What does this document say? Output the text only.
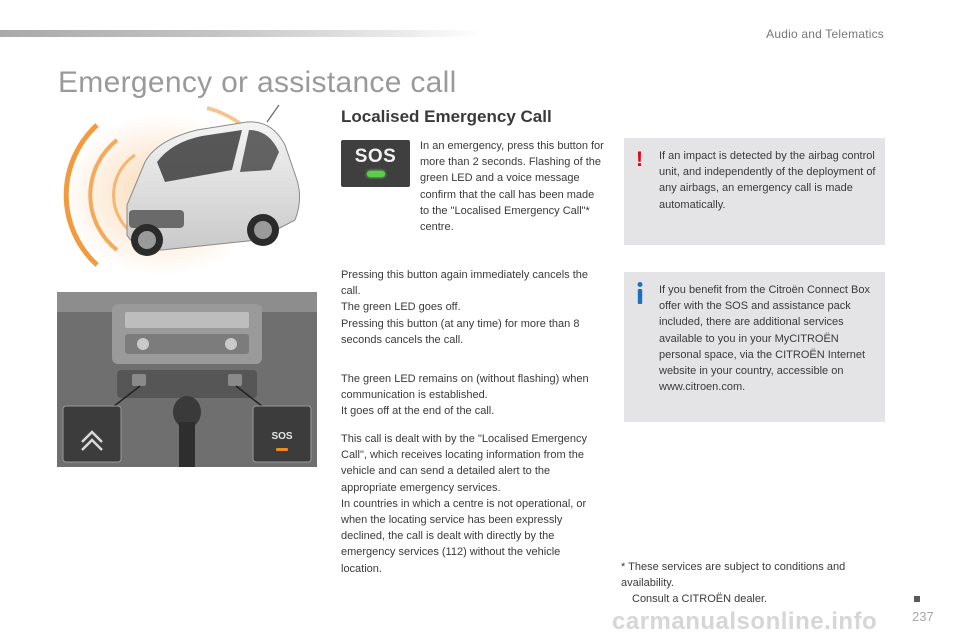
Audio and Telematics
Emergency or assistance call
SOS
Localised Emergency Call
SOS	In an emergency, press this button for more than 2 seconds. Flashing of the green LED and a voice message confirm that the call has been made to the "Localised Emergency Call"* centre.

Pressing this button again immediately cancels the call.
The green LED goes off.
Pressing this button (at any time) for more than 8 seconds cancels the call.
The green LED remains on (without flashing) when communication is established.
It goes off at the end of the call.
This call is dealt with by the "Localised Emergency Call", which receives locating information from the vehicle and can send a detailed alert to the appropriate emergency services.
In countries in which a centre is not operational, or when the locating service has been expressly declined, the call is dealt with directly by the emergency services (112) without the vehicle location.
! If an impact is detected by the airbag control unit, and independently of the deployment of any airbags, an emergency call is made automatically.

If you benefit from the Citroën Connect Box offer with the SOS and assistance pack included, there are additional services available to you in your MyCITROËN personal space, via the CITROËN Internet website in your country, accessible on www.citroen.com.

* These services are subject to conditions and availability.
Consult a CITROËN dealer.
carmanualsonline.info	237
